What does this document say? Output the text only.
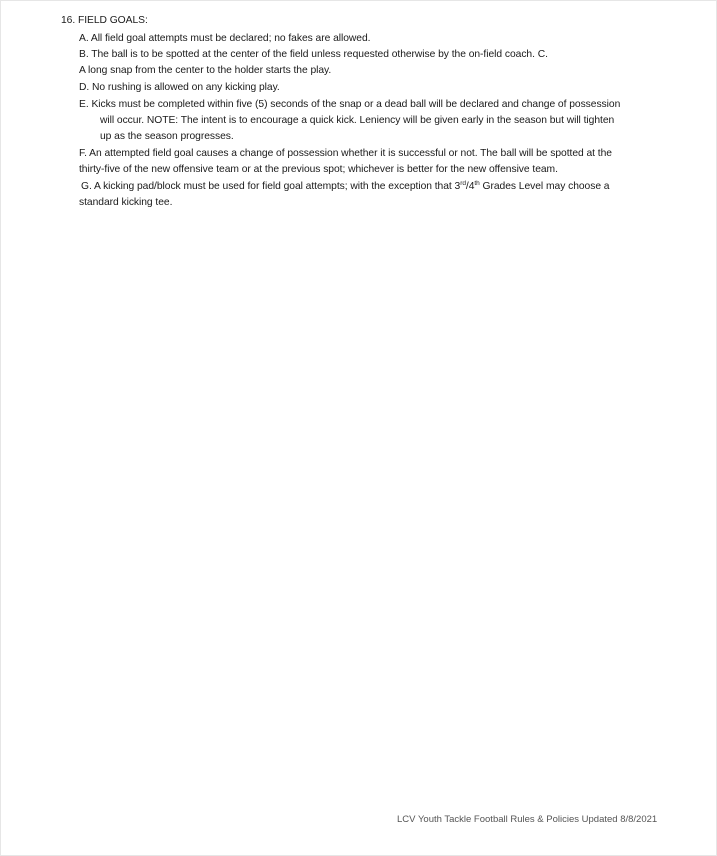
16. FIELD GOALS:
A. All field goal attempts must be declared; no fakes are allowed.
B. The ball is to be spotted at the center of the field unless requested otherwise by the on-field coach. C.
A long snap from the center to the holder starts the play.
D. No rushing is allowed on any kicking play.
E. Kicks must be completed within five (5) seconds of the snap or a dead ball will be declared and change of possession
will occur. NOTE: The intent is to encourage a quick kick. Leniency will be given early in the season but will tighten
up as the season progresses.
F. An attempted field goal causes a change of possession whether it is successful or not. The ball will be spotted at the
thirty-five of the new offensive team or at the previous spot; whichever is better for the new offensive team.
G. A kicking pad/block must be used for field goal attempts; with the exception that 3rd/4th Grades Level may choose a
standard kicking tee.
LCV Youth Tackle Football Rules & Policies Updated 8/8/2021
